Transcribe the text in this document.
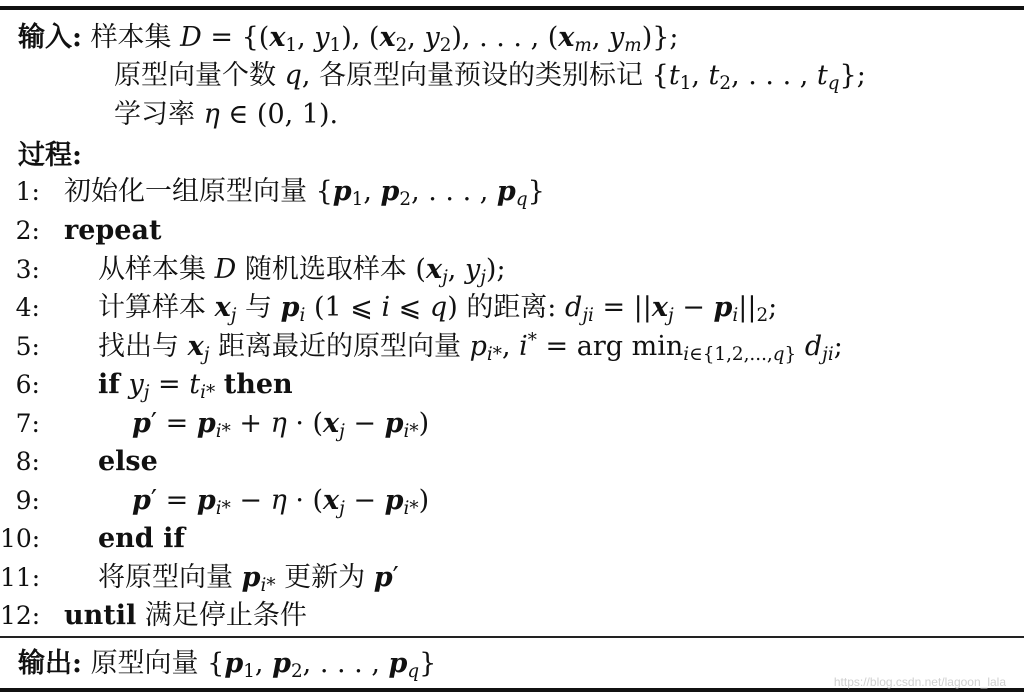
输入: 样本集 $D = \{(x_1$, $y_1$), ($x_2$, $y_2$), . . . , ($x_m$, $y_m$)};
原型向量个数 q, 各原型向量预设的类别标记 {$t_1$, $t_2$, . . . , $t_q$};
学习率 η ∈ (0, 1).
过程:
1: 初始化一组原型向量 {$p_1$, $p_2$, . . . , $p_q$}
2: repeat
3: 从样本集 D 随机选取样本 ($x_j$, $y_j$);
4: 计算样本 $x_j$ 与 $p_i$ (1 ⩽ i ⩽ q) 的距离: $d_{ji} = ||x_j - p_i||_2$;
5: 找出与 $x_j$ 距离最近的原型向量 $p_{i*}$, i* = arg $\min_{i\in\{1,2,...,q\}} d_{ji}$;
6: if $y_j = t_{i*}$ then
7:	$p' = p_{i*} + \eta \cdot (x_j - p_{i*})$
8: else
9:	$p' = p_{i*} - \eta \cdot (x_j - p_{i*})$
10: end if
11: 将原型向量 $p_{i*}$ 更新为 p′
12: until 满足停止条件
输出: 原型向量 {$p_1$, $p_2$, . . . , $p_q$}
https://blog.csdn.net/lagoon_lala
